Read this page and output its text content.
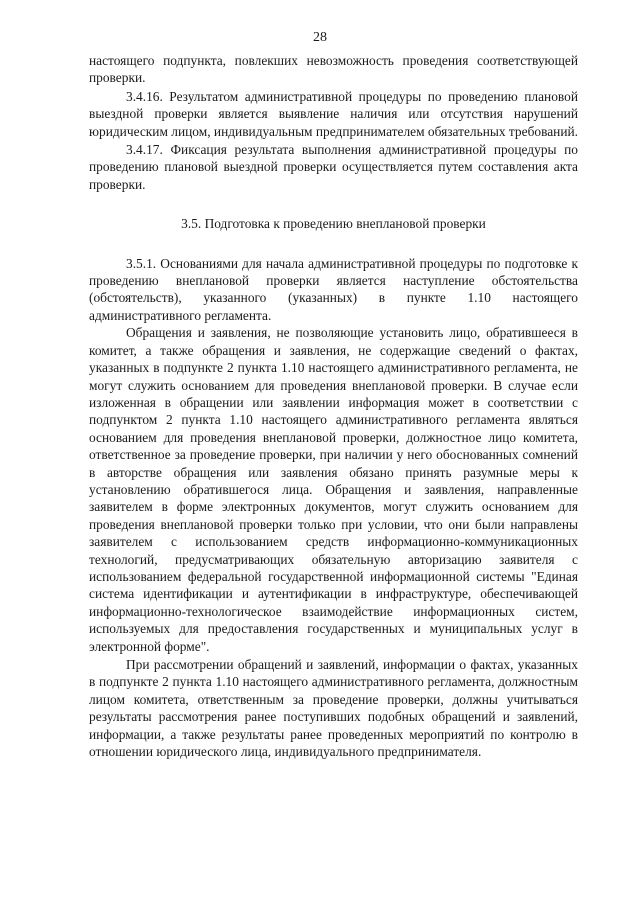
28

настоящего подпункта, повлекших невозможность проведения соответствующей проверки.

3.4.16. Результатом административной процедуры по проведению плановой выездной проверки является выявление наличия или отсутствия нарушений юридическим лицом, индивидуальным предпринимателем обязательных требований.

3.4.17. Фиксация результата выполнения административной процедуры по проведению плановой выездной проверки осуществляется путем составления акта проверки.

3.5. Подготовка к проведению внеплановой проверки

3.5.1. Основаниями для начала административной процедуры по подготовке к проведению внеплановой проверки является наступление обстоятельства (обстоятельств), указанного (указанных) в пункте 1.10 настоящего административного регламента.

Обращения и заявления, не позволяющие установить лицо, обратившееся в комитет, а также обращения и заявления, не содержащие сведений о фактах, указанных в подпункте 2 пункта 1.10 настоящего административного регламента, не могут служить основанием для проведения внеплановой проверки. В случае если изложенная в обращении или заявлении информация может в соответствии с подпунктом 2 пункта 1.10 настоящего административного регламента являться основанием для проведения внеплановой проверки, должностное лицо комитета, ответственное за проведение проверки, при наличии у него обоснованных сомнений в авторстве обращения или заявления обязано принять разумные меры к установлению обратившегося лица. Обращения и заявления, направленные заявителем в форме электронных документов, могут служить основанием для проведения внеплановой проверки только при условии, что они были направлены заявителем с использованием средств информационно-коммуникационных технологий, предусматривающих обязательную авторизацию заявителя с использованием федеральной государственной информационной системы "Единая система идентификации и аутентификации в инфраструктуре, обеспечивающей информационно-технологическое взаимодействие информационных систем, используемых для предоставления государственных и муниципальных услуг в электронной форме".

При рассмотрении обращений и заявлений, информации о фактах, указанных в подпункте 2 пункта 1.10 настоящего административного регламента, должностным лицом комитета, ответственным за проведение проверки, должны учитываться результаты рассмотрения ранее поступивших подобных обращений и заявлений, информации, а также результаты ранее проведенных мероприятий по контролю в отношении юридического лица, индивидуального предпринимателя.
